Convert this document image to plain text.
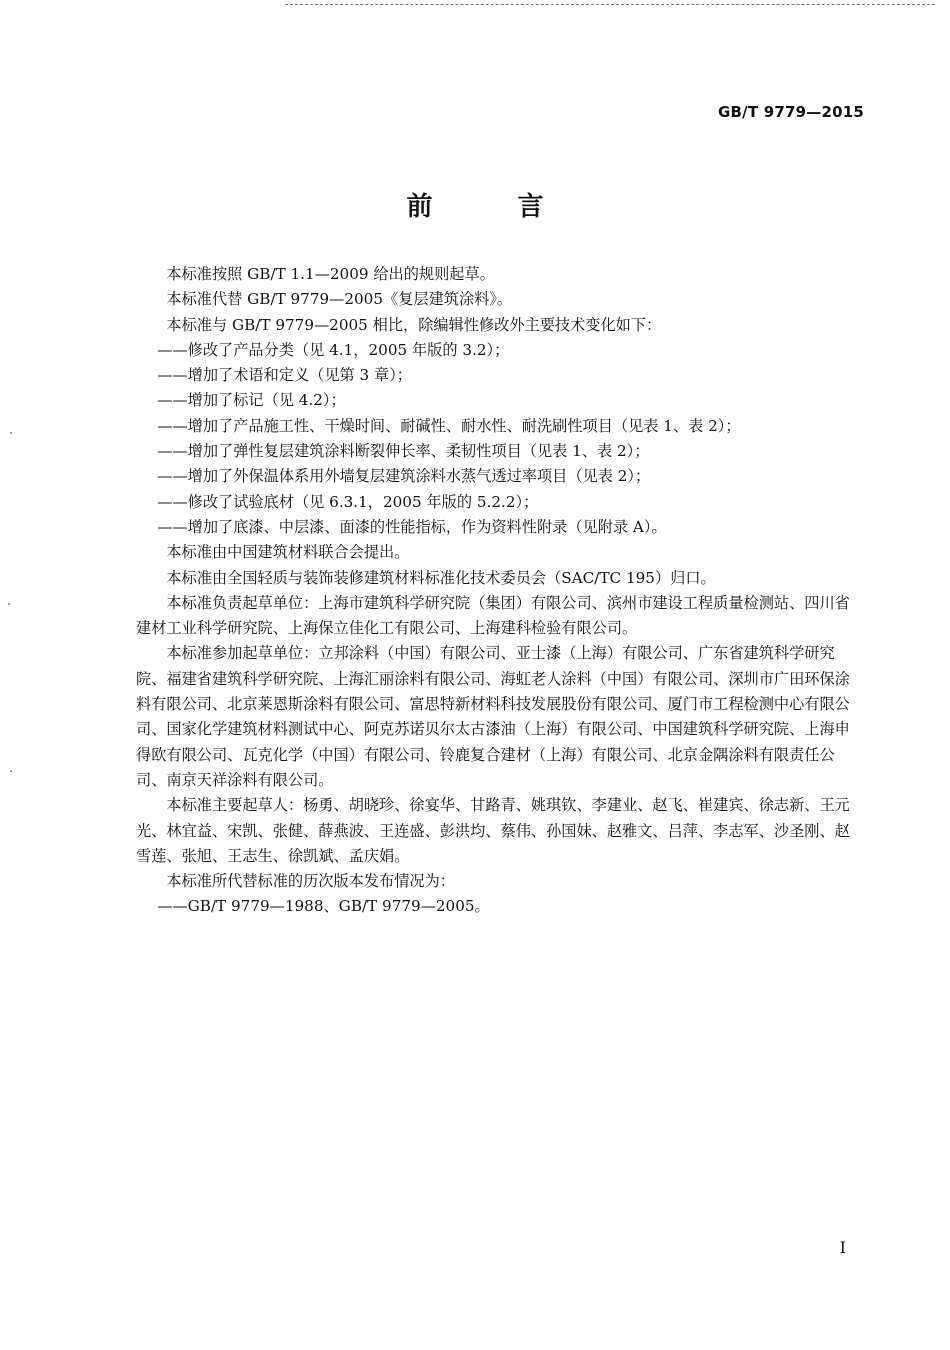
GB/T 9779—2015
前 言

本标准按照 GB/T 1.1—2009 给出的规则起草。

本标准代替 GB/T 9779—2005《复层建筑涂料》。

本标准与 GB/T 9779—2005 相比，除编辑性修改外主要技术变化如下：

——修改了产品分类（见 4.1，2005 年版的 3.2）；

——增加了术语和定义（见第 3 章）；

——增加了标记（见 4.2）；

——增加了产品施工性、干燥时间、耐碱性、耐水性、耐洗刷性项目（见表 1、表 2）；

——增加了弹性复层建筑涂料断裂伸长率、柔韧性项目（见表 1、表 2）；

——增加了外保温体系用外墙复层建筑涂料水蒸气透过率项目（见表 2）；

——修改了试验底材（见 6.3.1，2005 年版的 5.2.2）；

——增加了底漆、中层漆、面漆的性能指标，作为资料性附录（见附录 A）。

本标准由中国建筑材料联合会提出。

本标准由全国轻质与装饰装修建筑材料标准化技术委员会（SAC/TC 195）归口。

本标准负责起草单位：上海市建筑科学研究院（集团）有限公司、滨州市建设工程质量检测站、四川省建材工业科学研究院、上海保立佳化工有限公司、上海建科检验有限公司。

本标准参加起草单位：立邦涂料（中国）有限公司、亚士漆（上海）有限公司、广东省建筑科学研究院、福建省建筑科学研究院、上海汇丽涂料有限公司、海虹老人涂料（中国）有限公司、深圳市广田环保涂料有限公司、北京莱恩斯涂料有限公司、富思特新材料科技发展股份有限公司、厦门市工程检测中心有限公司、国家化学建筑材料测试中心、阿克苏诺贝尔太古漆油（上海）有限公司、中国建筑科学研究院、上海申得欧有限公司、瓦克化学（中国）有限公司、铃鹿复合建材（上海）有限公司、北京金隅涂料有限责任公司、南京天祥涂料有限公司。

本标准主要起草人：杨勇、胡晓珍、徐宴华、甘路青、姚琪钦、李建业、赵飞、崔建宾、徐志新、王元光、林宜益、宋凯、张健、薛燕波、王连盛、彭洪均、蔡伟、孙国妹、赵雅文、吕萍、李志军、沙圣刚、赵雪莲、张旭、王志生、徐凯斌、孟庆娟。

本标准所代替标准的历次版本发布情况为：

——GB/T 9779—1988、GB/T 9779—2005。

I
